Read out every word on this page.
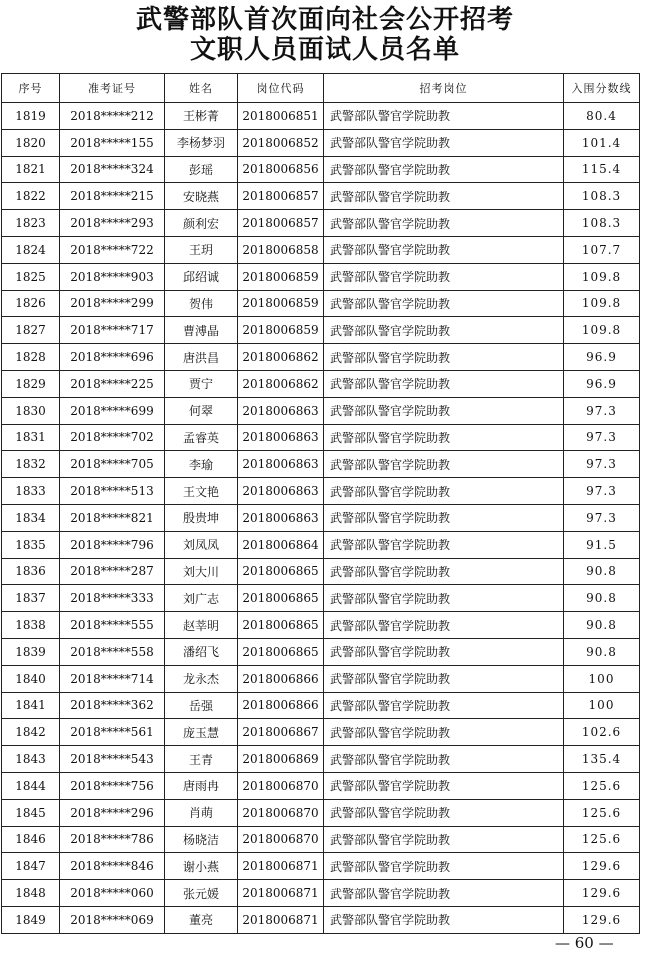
武警部队首次面向社会公开招考
文职人员面试人员名单
序号	准考证号	姓名	岗位代码	招考岗位	入围分数线
1819	2018*****212	王彬菁	2018006851	武警部队警官学院助教	80.4
1820	2018*****155	李杨梦羽	2018006852	武警部队警官学院助教	101.4
1821	2018*****324	彭瑶	2018006856	武警部队警官学院助教	115.4
1822	2018*****215	安晓燕	2018006857	武警部队警官学院助教	108.3
1823	2018*****293	颜利宏	2018006857	武警部队警官学院助教	108.3
1824	2018*****722	王玥	2018006858	武警部队警官学院助教	107.7
1825	2018*****903	邱绍诚	2018006859	武警部队警官学院助教	109.8
1826	2018*****299	贺伟	2018006859	武警部队警官学院助教	109.8
1827	2018*****717	曹溥晶	2018006859	武警部队警官学院助教	109.8
1828	2018*****696	唐洪昌	2018006862	武警部队警官学院助教	96.9
1829	2018*****225	贾宁	2018006862	武警部队警官学院助教	96.9
1830	2018*****699	何翠	2018006863	武警部队警官学院助教	97.3
1831	2018*****702	孟睿英	2018006863	武警部队警官学院助教	97.3
1832	2018*****705	李瑜	2018006863	武警部队警官学院助教	97.3
1833	2018*****513	王文艳	2018006863	武警部队警官学院助教	97.3
1834	2018*****821	殷贵坤	2018006863	武警部队警官学院助教	97.3
1835	2018*****796	刘凤凤	2018006864	武警部队警官学院助教	91.5
1836	2018*****287	刘大川	2018006865	武警部队警官学院助教	90.8
1837	2018*****333	刘广志	2018006865	武警部队警官学院助教	90.8
1838	2018*****555	赵莘明	2018006865	武警部队警官学院助教	90.8
1839	2018*****558	潘绍飞	2018006865	武警部队警官学院助教	90.8
1840	2018*****714	龙永杰	2018006866	武警部队警官学院助教	100
1841	2018*****362	岳强	2018006866	武警部队警官学院助教	100
1842	2018*****561	庞玉慧	2018006867	武警部队警官学院助教	102.6
1843	2018*****543	王青	2018006869	武警部队警官学院助教	135.4
1844	2018*****756	唐雨冉	2018006870	武警部队警官学院助教	125.6
1845	2018*****296	肖萌	2018006870	武警部队警官学院助教	125.6
1846	2018*****786	杨晓洁	2018006870	武警部队警官学院助教	125.6
1847	2018*****846	谢小燕	2018006871	武警部队警官学院助教	129.6
1848	2018*****060	张元媛	2018006871	武警部队警官学院助教	129.6
1849	2018*****069	董亮	2018006871	武警部队警官学院助教	129.6
— 60 —
